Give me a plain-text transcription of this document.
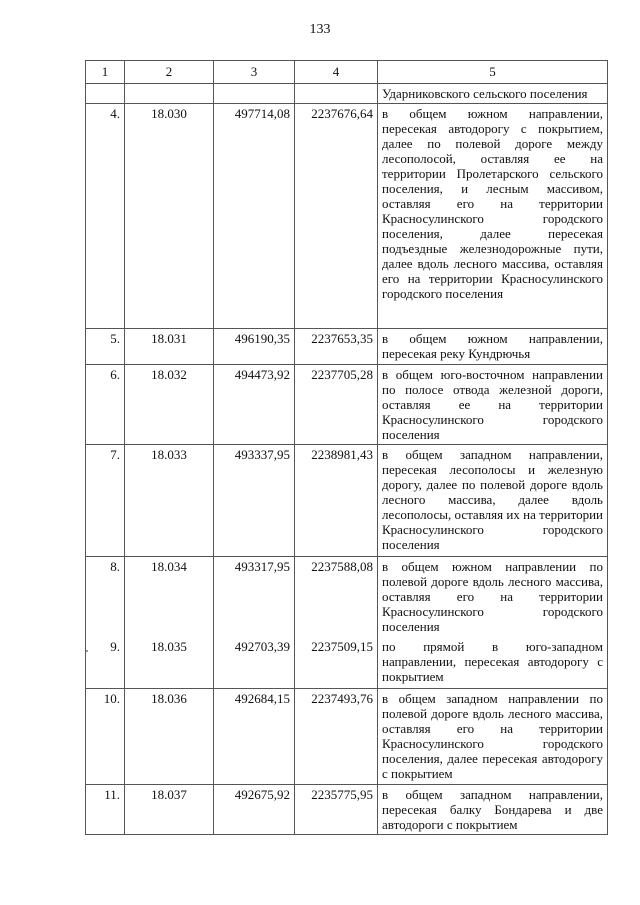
133
1	2	3	4	5

				Ударниковского сельского поселения

4.	18.030	497714,08	2237676,64	в общем южном направлении, пересекая автодорогу с покрытием, далее по полевой дороге между лесополосой, оставляя ее на территории Пролетарского сельского поселения, и лесным массивом, оставляя его на территории Красносулинского городского поселения, далее пересекая подъездные железнодорожные пути, далее вдоль лесного массива, оставляя его на территории Красносулинского городского поселения

5.	18.031	496190,35	2237653,35	в общем южном направлении, пересекая реку Кундрючья

6.	18.032	494473,92	2237705,28	в общем юго-восточном направлении по полосе отвода железной дороги, оставляя ее на территории Красносулинского городского поселения

7.	18.033	493337,95	2238981,43	в общем западном направлении, пересекая лесополосы и железную дорогу, далее по полевой дороге вдоль лесного массива, далее вдоль лесополосы, оставляя их на территории Красносулинского городского поселения

8.	18.034	493317,95	2237588,08	в общем южном направлении по полевой дороге вдоль лесного массива, оставляя его на территории Красносулинского городского поселения

9.	18.035	492703,39	2237509,15	по прямой в юго-западном направлении, пересекая автодорогу с покрытием

10.	18.036	492684,15	2237493,76	в общем западном направлении по полевой дороге вдоль лесного массива, оставляя его на территории Красносулинского городского поселения, далее пересекая автодорогу с покрытием

11.	18.037	492675,92	2235775,95	в общем западном направлении, пересекая балку Бондарева и две автодороги с покрытием
